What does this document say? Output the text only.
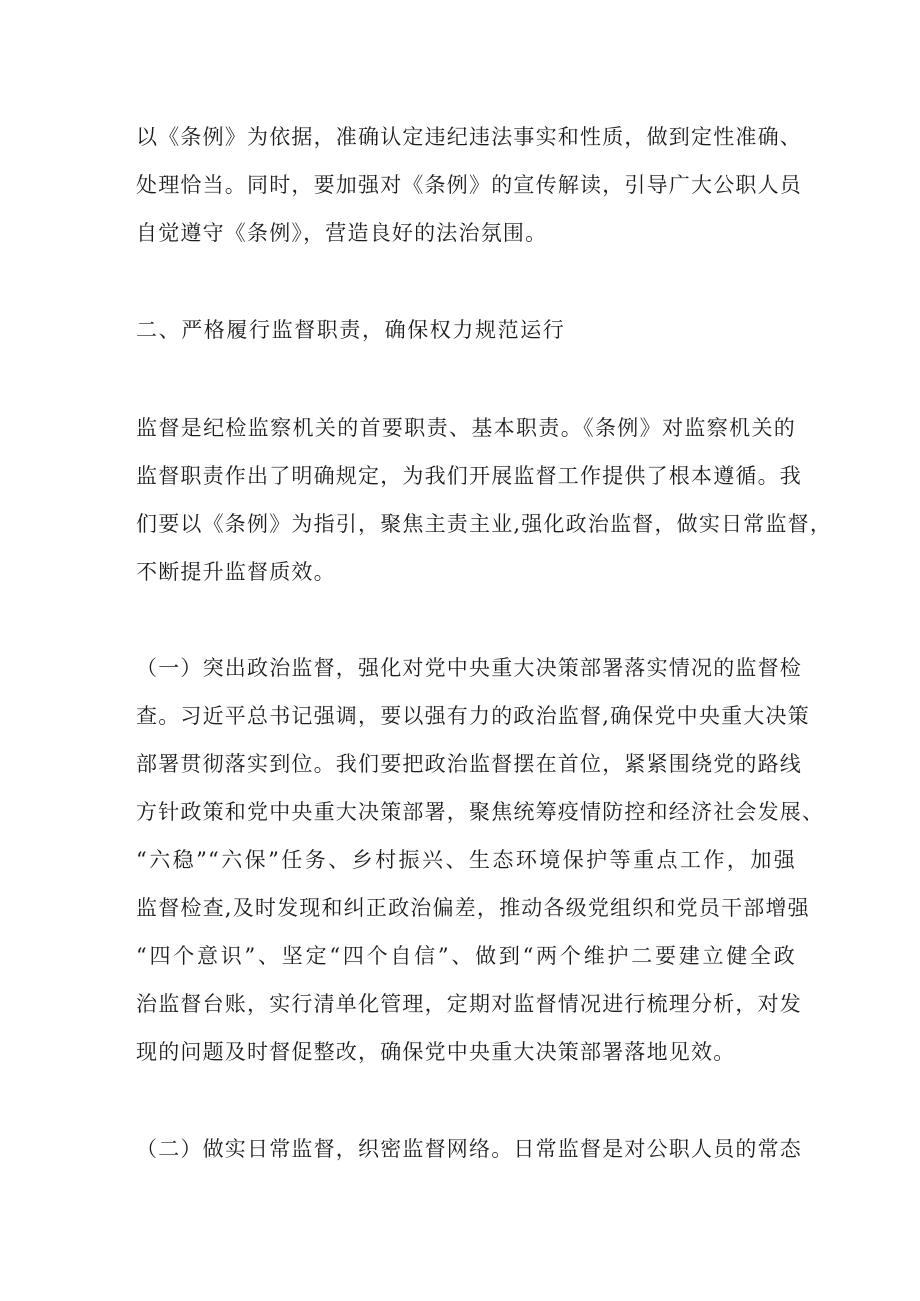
以《条例》为依据，准确认定违纪违法事实和性质，做到定性准确、
处理恰当。同时，要加强对《条例》的宣传解读，引导广大公职人员
自觉遵守《条例》，营造良好的法治氛围。
二、严格履行监督职责，确保权力规范运行
监督是纪检监察机关的首要职责、基本职责。《条例》对监察机关的
监督职责作出了明确规定，为我们开展监督工作提供了根本遵循。我
们要以《条例》为指引，聚焦主责主业,强化政治监督，做实日常监督，
不断提升监督质效。
（一）突出政治监督，强化对党中央重大决策部署落实情况的监督检
查。习近平总书记强调，要以强有力的政治监督,确保党中央重大决策
部署贯彻落实到位。我们要把政治监督摆在首位，紧紧围绕党的路线
方针政策和党中央重大决策部署，聚焦统筹疫情防控和经济社会发展、
“六稳”“六保”任务、乡村振兴、生态环境保护等重点工作，加强
监督检查,及时发现和纠正政治偏差，推动各级党组织和党员干部增强
“四个意识”、坚定“四个自信”、做到“两个维护二要建立健全政
治监督台账，实行清单化管理，定期对监督情况进行梳理分析，对发
现的问题及时督促整改，确保党中央重大决策部署落地见效。
（二）做实日常监督，织密监督网络。日常监督是对公职人员的常态
